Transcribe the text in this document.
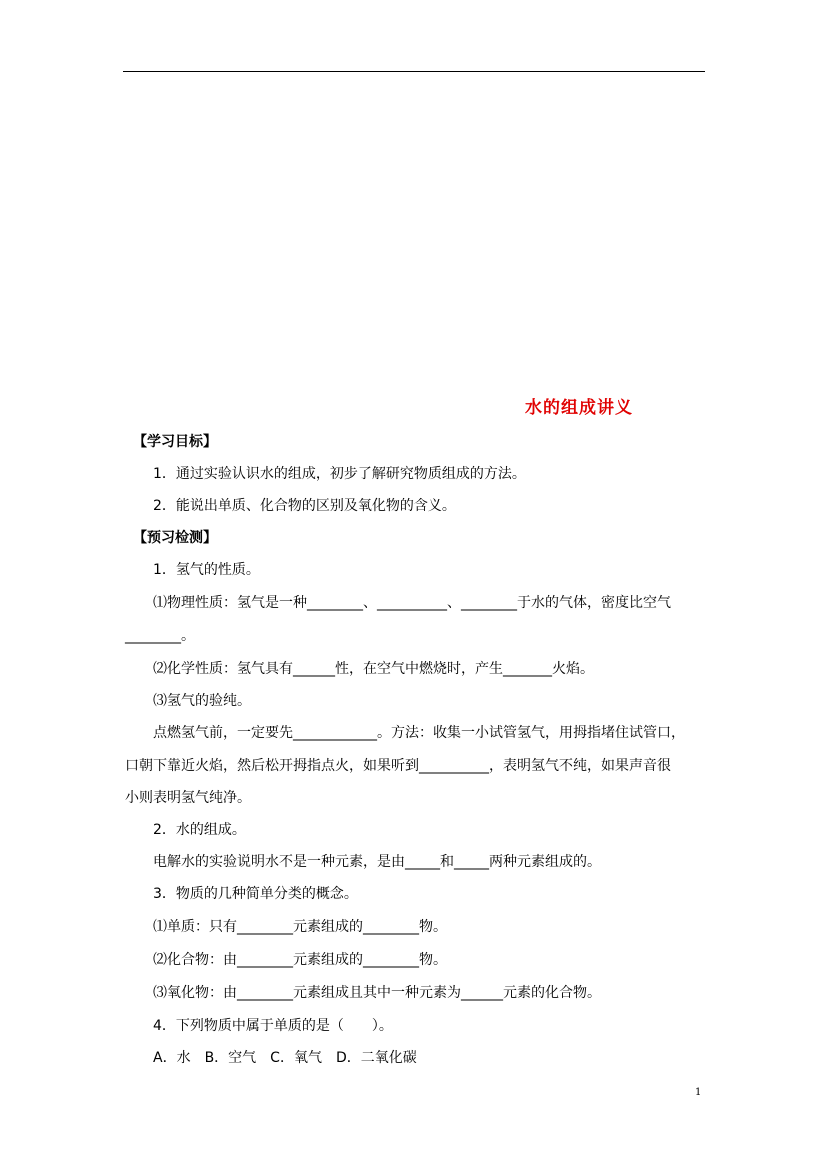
水的组成讲义
【学习目标】
1．通过实验认识水的组成，初步了解研究物质组成的方法。
2．能说出单质、化合物的区别及氧化物的含义。
【预习检测】
1．氢气的性质。
⑴物理性质：氢气是一种________、__________、________于水的气体，密度比空气
________。
⑵化学性质：氢气具有______性，在空气中燃烧时，产生_______火焰。
⑶氢气的验纯。
点燃氢气前，一定要先____________。方法：收集一小试管氢气，用拇指堵住试管口，
口朝下靠近火焰，然后松开拇指点火，如果听到__________，表明氢气不纯，如果声音很
小则表明氢气纯净。
2．水的组成。
电解水的实验说明水不是一种元素，是由_____和_____两种元素组成的。
3．物质的几种简单分类的概念。
⑴单质：只有________元素组成的________物。
⑵化合物：由________元素组成的________物。
⑶氧化物：由________元素组成且其中一种元素为______元素的化合物。
4．下列物质中属于单质的是（　　）。
A．水　B．空气　C．氧气　D．二氧化碳
1
